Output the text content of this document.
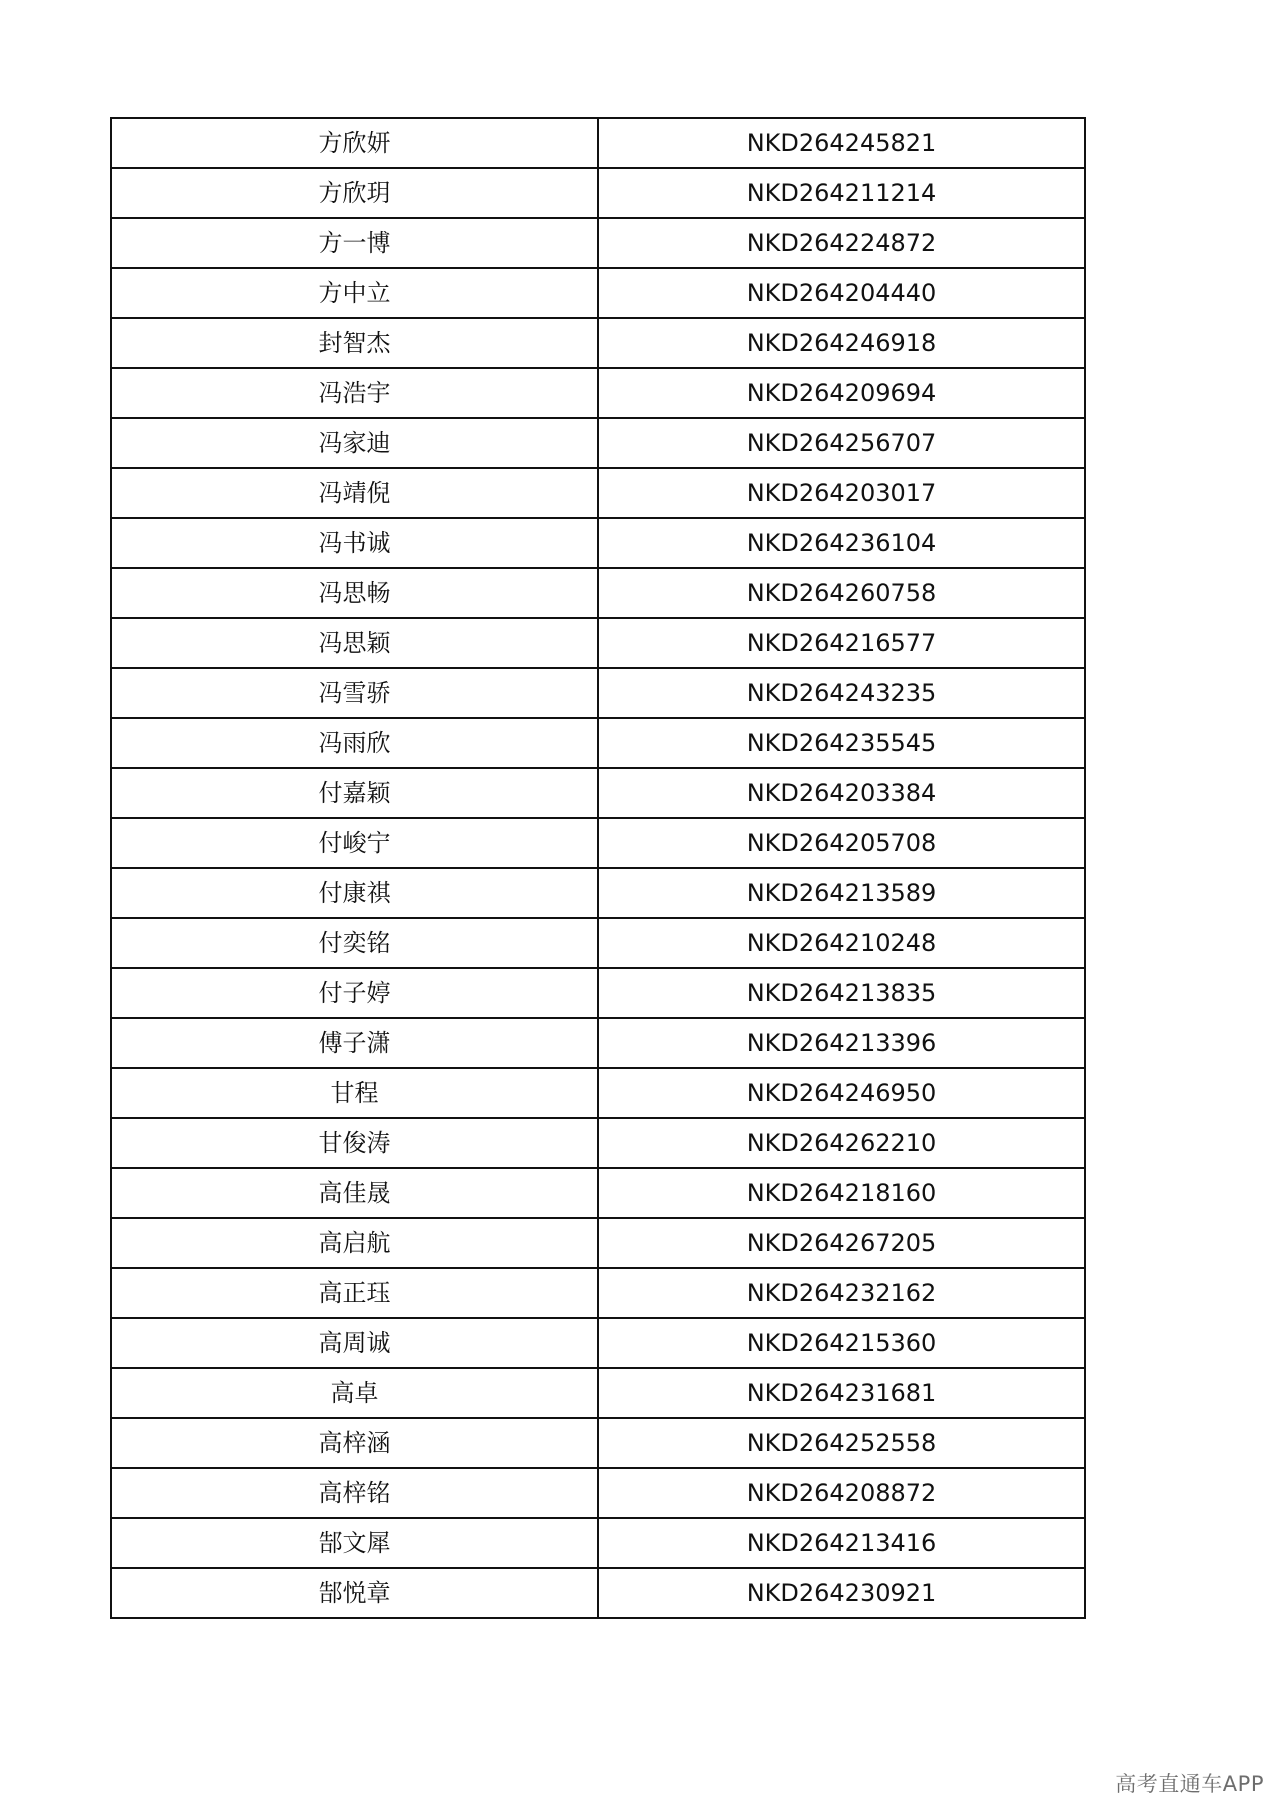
方欣妍	NKD264245821
方欣玥	NKD264211214
方一博	NKD264224872
方中立	NKD264204440
封智杰	NKD264246918
冯浩宇	NKD264209694
冯家迪	NKD264256707
冯靖倪	NKD264203017
冯书诚	NKD264236104
冯思畅	NKD264260758
冯思颖	NKD264216577
冯雪骄	NKD264243235
冯雨欣	NKD264235545
付嘉颖	NKD264203384
付峻宁	NKD264205708
付康祺	NKD264213589
付奕铭	NKD264210248
付子婷	NKD264213835
傅子潇	NKD264213396
甘程	NKD264246950
甘俊涛	NKD264262210
高佳晟	NKD264218160
高启航	NKD264267205
高正珏	NKD264232162
高周诚	NKD264215360
高卓	NKD264231681
高梓涵	NKD264252558
高梓铭	NKD264208872
郜文犀	NKD264213416
郜悦章	NKD264230921
高考直通车APP
